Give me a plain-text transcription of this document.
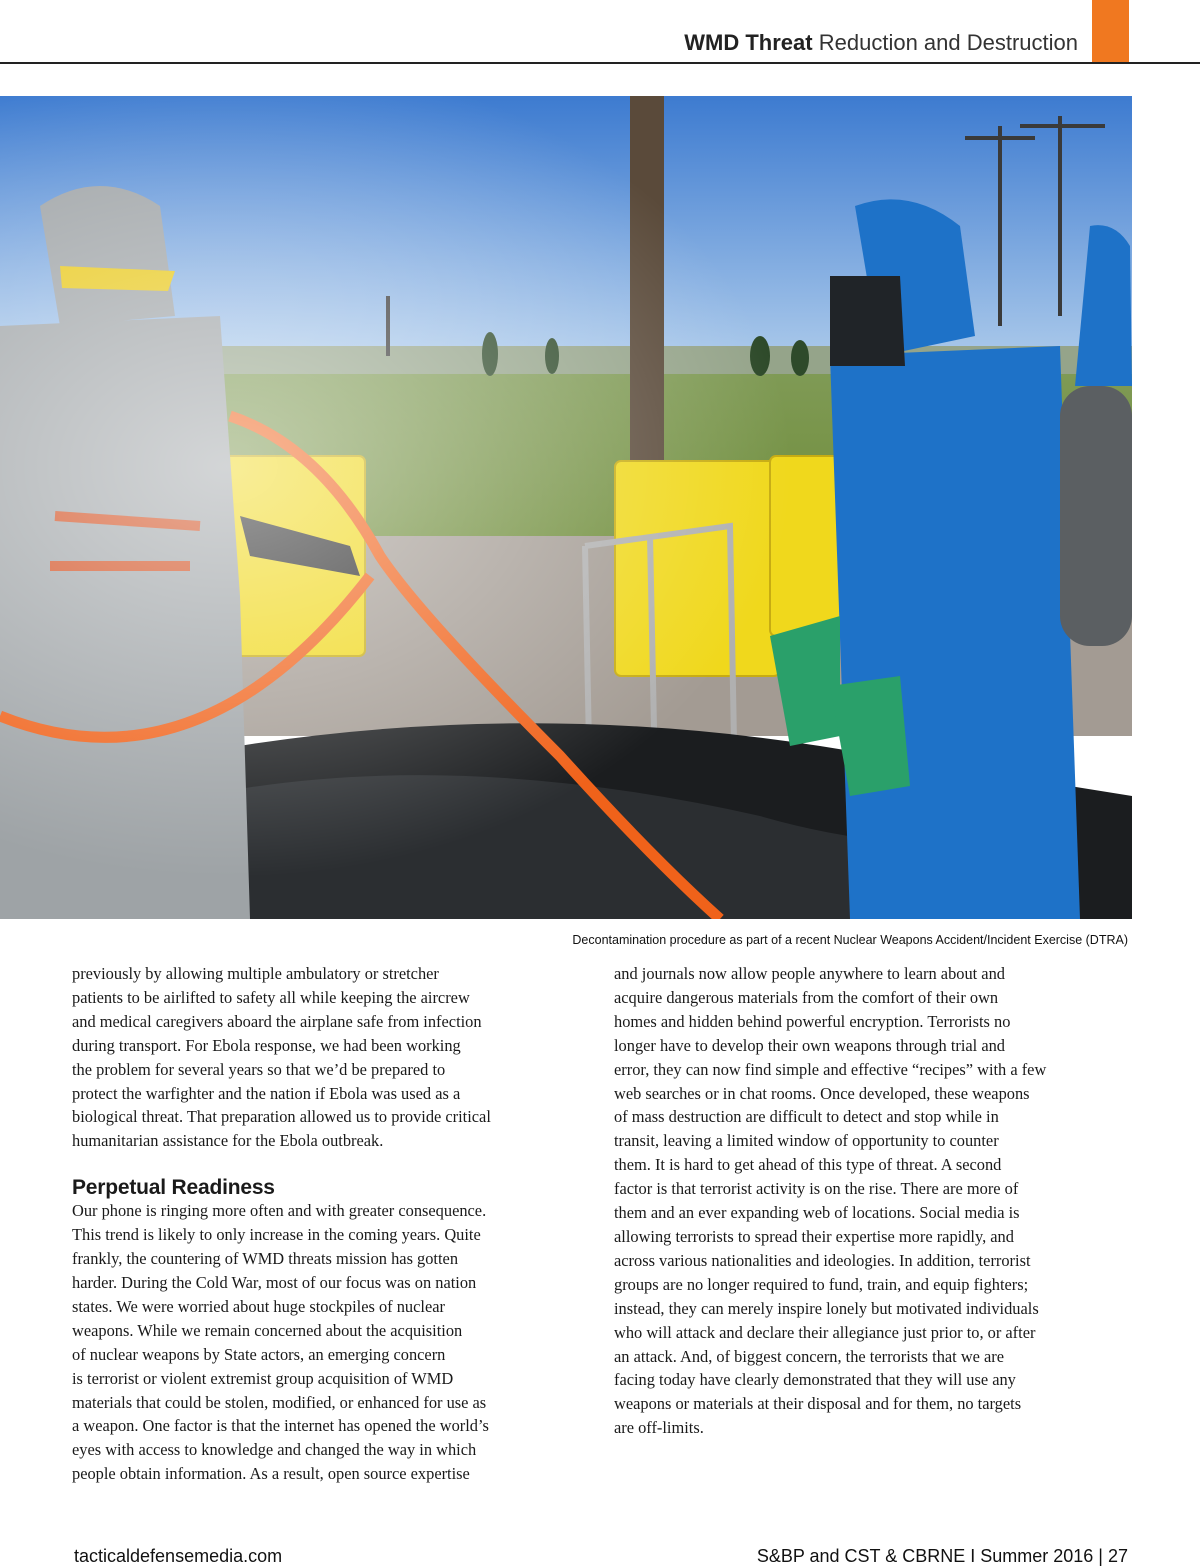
WMD Threat Reduction and Destruction
Decontamination procedure as part of a recent Nuclear Weapons Accident/Incident Exercise (DTRA)

previously by allowing multiple ambulatory or stretcher
patients to be airlifted to safety all while keeping the aircrew
and medical caregivers aboard the airplane safe from infection
during transport. For Ebola response, we had been working
the problem for several years so that we’d be prepared to
protect the warfighter and the nation if Ebola was used as a
biological threat. That preparation allowed us to provide critical
humanitarian assistance for the Ebola outbreak.

Perpetual Readiness

Our phone is ringing more often and with greater consequence.
This trend is likely to only increase in the coming years. Quite
frankly, the countering of WMD threats mission has gotten
harder. During the Cold War, most of our focus was on nation
states. We were worried about huge stockpiles of nuclear
weapons. While we remain concerned about the acquisition
of nuclear weapons by State actors, an emerging concern
is terrorist or violent extremist group acquisition of WMD
materials that could be stolen, modified, or enhanced for use as
a weapon. One factor is that the internet has opened the world’s
eyes with access to knowledge and changed the way in which
people obtain information. As a result, open source expertise

and journals now allow people anywhere to learn about and
acquire dangerous materials from the comfort of their own
homes and hidden behind powerful encryption. Terrorists no
longer have to develop their own weapons through trial and
error, they can now find simple and effective “recipes” with a few
web searches or in chat rooms. Once developed, these weapons
of mass destruction are difficult to detect and stop while in
transit, leaving a limited window of opportunity to counter
them. It is hard to get ahead of this type of threat. A second
factor is that terrorist activity is on the rise. There are more of
them and an ever expanding web of locations. Social media is
allowing terrorists to spread their expertise more rapidly, and
across various nationalities and ideologies. In addition, terrorist
groups are no longer required to fund, train, and equip fighters;
instead, they can merely inspire lonely but motivated individuals
who will attack and declare their allegiance just prior to, or after
an attack. And, of biggest concern, the terrorists that we are
facing today have clearly demonstrated that they will use any
weapons or materials at their disposal and for them, no targets
are off-limits.

tacticaldefensemedia.com	S&BP and CST & CBRNE I Summer 2016 | 27
